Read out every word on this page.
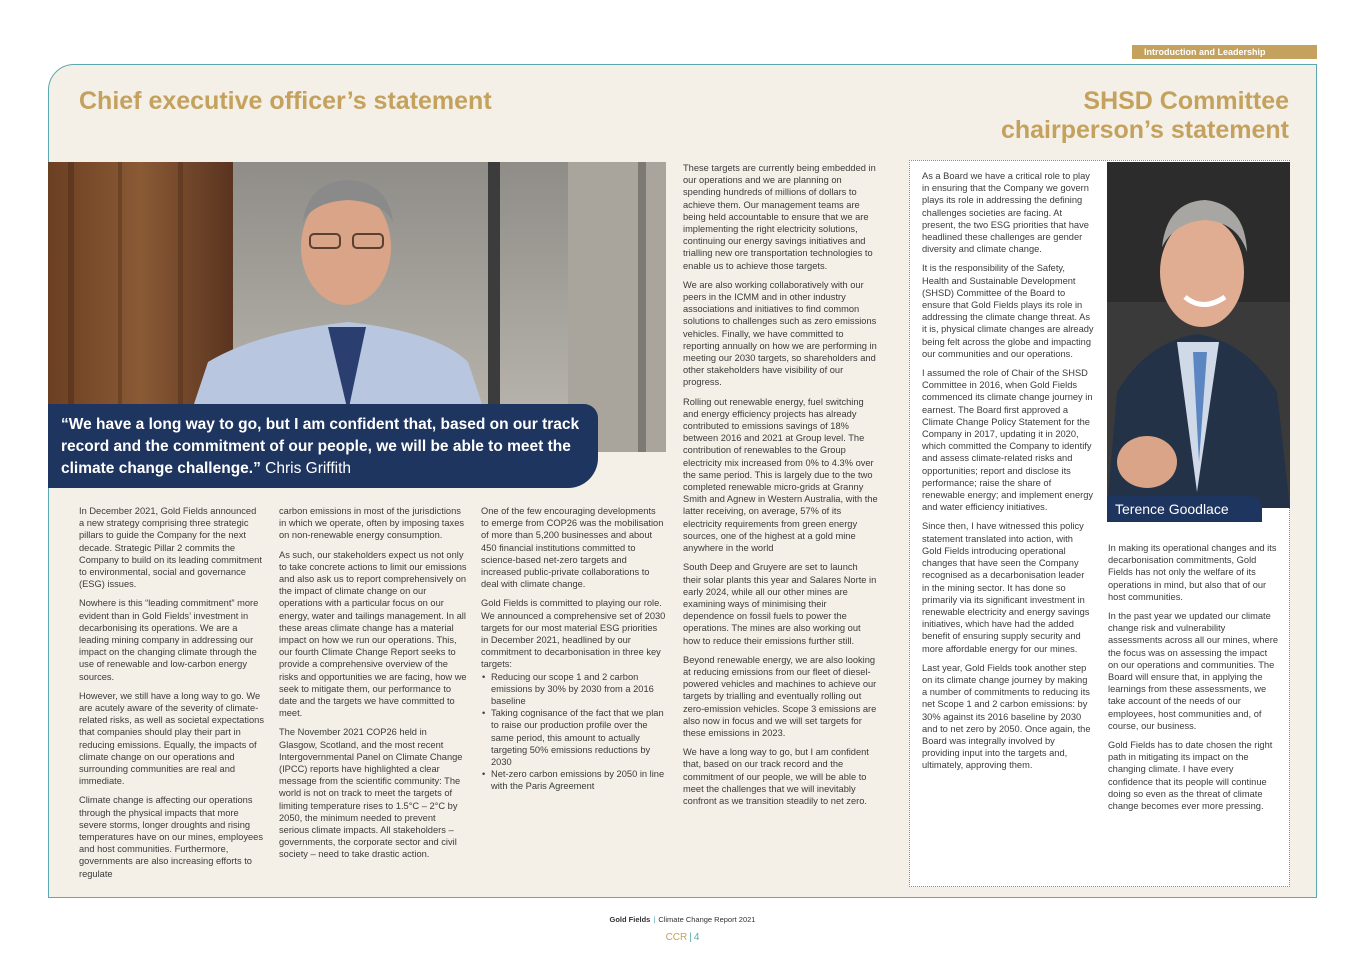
Introduction and Leadership
Chief executive officer’s statement	SHSD Committee
chairperson’s statement
“We have a long way to go, but I am confident that, based on our track record and the commitment of our people, we will be able to meet the climate change challenge.” Chris Griffith

In December 2021, Gold Fields announced a new strategy comprising three strategic pillars to guide the Company for the next decade. Strategic Pillar 2 commits the Company to build on its leading commitment to environmental, social and governance (ESG) issues.

Nowhere is this “leading commitment” more evident than in Gold Fields’ investment in decarbonising its operations. We are a leading mining company in addressing our impact on the changing climate through the use of renewable and low-carbon energy sources.

However, we still have a long way to go. We are acutely aware of the severity of climate-related risks, as well as societal expectations that companies should play their part in reducing emissions. Equally, the impacts of climate change on our operations and surrounding communities are real and immediate.

Climate change is affecting our operations through the physical impacts that more severe storms, longer droughts and rising temperatures have on our mines, employees and host communities. Furthermore, governments are also increasing efforts to regulate

carbon emissions in most of the jurisdictions in which we operate, often by imposing taxes on non-renewable energy consumption.

As such, our stakeholders expect us not only to take concrete actions to limit our emissions and also ask us to report comprehensively on the impact of climate change on our operations with a particular focus on our energy, water and tailings management. In all these areas climate change has a material impact on how we run our operations. This, our fourth Climate Change Report seeks to provide a comprehensive overview of the risks and opportunities we are facing, how we seek to mitigate them, our performance to date and the targets we have committed to meet.

The November 2021 COP26 held in Glasgow, Scotland, and the most recent Intergovernmental Panel on Climate Change (IPCC) reports have highlighted a clear message from the scientific community: The world is not on track to meet the targets of limiting temperature rises to 1.5°C – 2°C by 2050, the minimum needed to prevent serious climate impacts. All stakeholders – governments, the corporate sector and civil society – need to take drastic action.

One of the few encouraging developments to emerge from COP26 was the mobilisation of more than 5,200 businesses and about 450 financial institutions committed to science-based net-zero targets and increased public-private collaborations to deal with climate change.

Gold Fields is committed to playing our role. We announced a comprehensive set of 2030 targets for our most material ESG priorities in December 2021, headlined by our commitment to decarbonisation in three key targets:

• Reducing our scope 1 and 2 carbon emissions by 30% by 2030 from a 2016 baseline
• Taking cognisance of the fact that we plan to raise our production profile over the same period, this amount to actually targeting 50% emissions reductions by 2030
• Net-zero carbon emissions by 2050 in line with the Paris Agreement

These targets are currently being embedded in our operations and we are planning on spending hundreds of millions of dollars to achieve them. Our management teams are being held accountable to ensure that we are implementing the right electricity solutions, continuing our energy savings initiatives and trialling new ore transportation technologies to enable us to achieve those targets.

We are also working collaboratively with our peers in the ICMM and in other industry associations and initiatives to find common solutions to challenges such as zero emissions vehicles. Finally, we have committed to reporting annually on how we are performing in meeting our 2030 targets, so shareholders and other stakeholders have visibility of our progress.

Rolling out renewable energy, fuel switching and energy efficiency projects has already contributed to emissions savings of 18% between 2016 and 2021 at Group level. The contribution of renewables to the Group electricity mix increased from 0% to 4.3% over the same period. This is largely due to the two completed renewable micro-grids at Granny Smith and Agnew in Western Australia, with the latter receiving, on average, 57% of its electricity requirements from green energy sources, one of the highest at a gold mine anywhere in the world

South Deep and Gruyere are set to launch their solar plants this year and Salares Norte in early 2024, while all our other mines are examining ways of minimising their dependence on fossil fuels to power the operations. The mines are also working out how to reduce their emissions further still.

Beyond renewable energy, we are also looking at reducing emissions from our fleet of diesel-powered vehicles and machines to achieve our targets by trialling and eventually rolling out zero-emission vehicles. Scope 3 emissions are also now in focus and we will set targets for these emissions in 2023.

We have a long way to go, but I am confident that, based on our track record and the commitment of our people, we will be able to meet the challenges that we will inevitably confront as we transition steadily to net zero.

Terence Goodlace

As a Board we have a critical role to play in ensuring that the Company we govern plays its role in addressing the defining challenges societies are facing. At present, the two ESG priorities that have headlined these challenges are gender diversity and climate change.

It is the responsibility of the Safety, Health and Sustainable Development (SHSD) Committee of the Board to ensure that Gold Fields plays its role in addressing the climate change threat. As it is, physical climate changes are already being felt across the globe and impacting our communities and our operations.

I assumed the role of Chair of the SHSD Committee in 2016, when Gold Fields commenced its climate change journey in earnest. The Board first approved a Climate Change Policy Statement for the Company in 2017, updating it in 2020, which committed the Company to identify and assess climate-related risks and opportunities; report and disclose its performance; raise the share of renewable energy; and implement energy and water efficiency initiatives.

Since then, I have witnessed this policy statement translated into action, with Gold Fields introducing operational changes that have seen the Company recognised as a decarbonisation leader in the mining sector. It has done so primarily via its significant investment in renewable electricity and energy savings initiatives, which have had the added benefit of ensuring supply security and more affordable energy for our mines.

Last year, Gold Fields took another step on its climate change journey by making a number of commitments to reducing its net Scope 1 and 2 carbon emissions: by 30% against its 2016 baseline by 2030 and to net zero by 2050. Once again, the Board was integrally involved by providing input into the targets and, ultimately, approving them.

In making its operational changes and its decarbonisation commitments, Gold Fields has not only the welfare of its operations in mind, but also that of our host communities.

In the past year we updated our climate change risk and vulnerability assessments across all our mines, where the focus was on assessing the impact on our operations and communities. The Board will ensure that, in applying the learnings from these assessments, we take account of the needs of our employees, host communities and, of course, our business.

Gold Fields has to date chosen the right path in mitigating its impact on the changing climate. I have every confidence that its people will continue doing so even as the threat of climate change becomes ever more pressing.

Gold Fields | Climate Change Report 2021
CCR | 4
